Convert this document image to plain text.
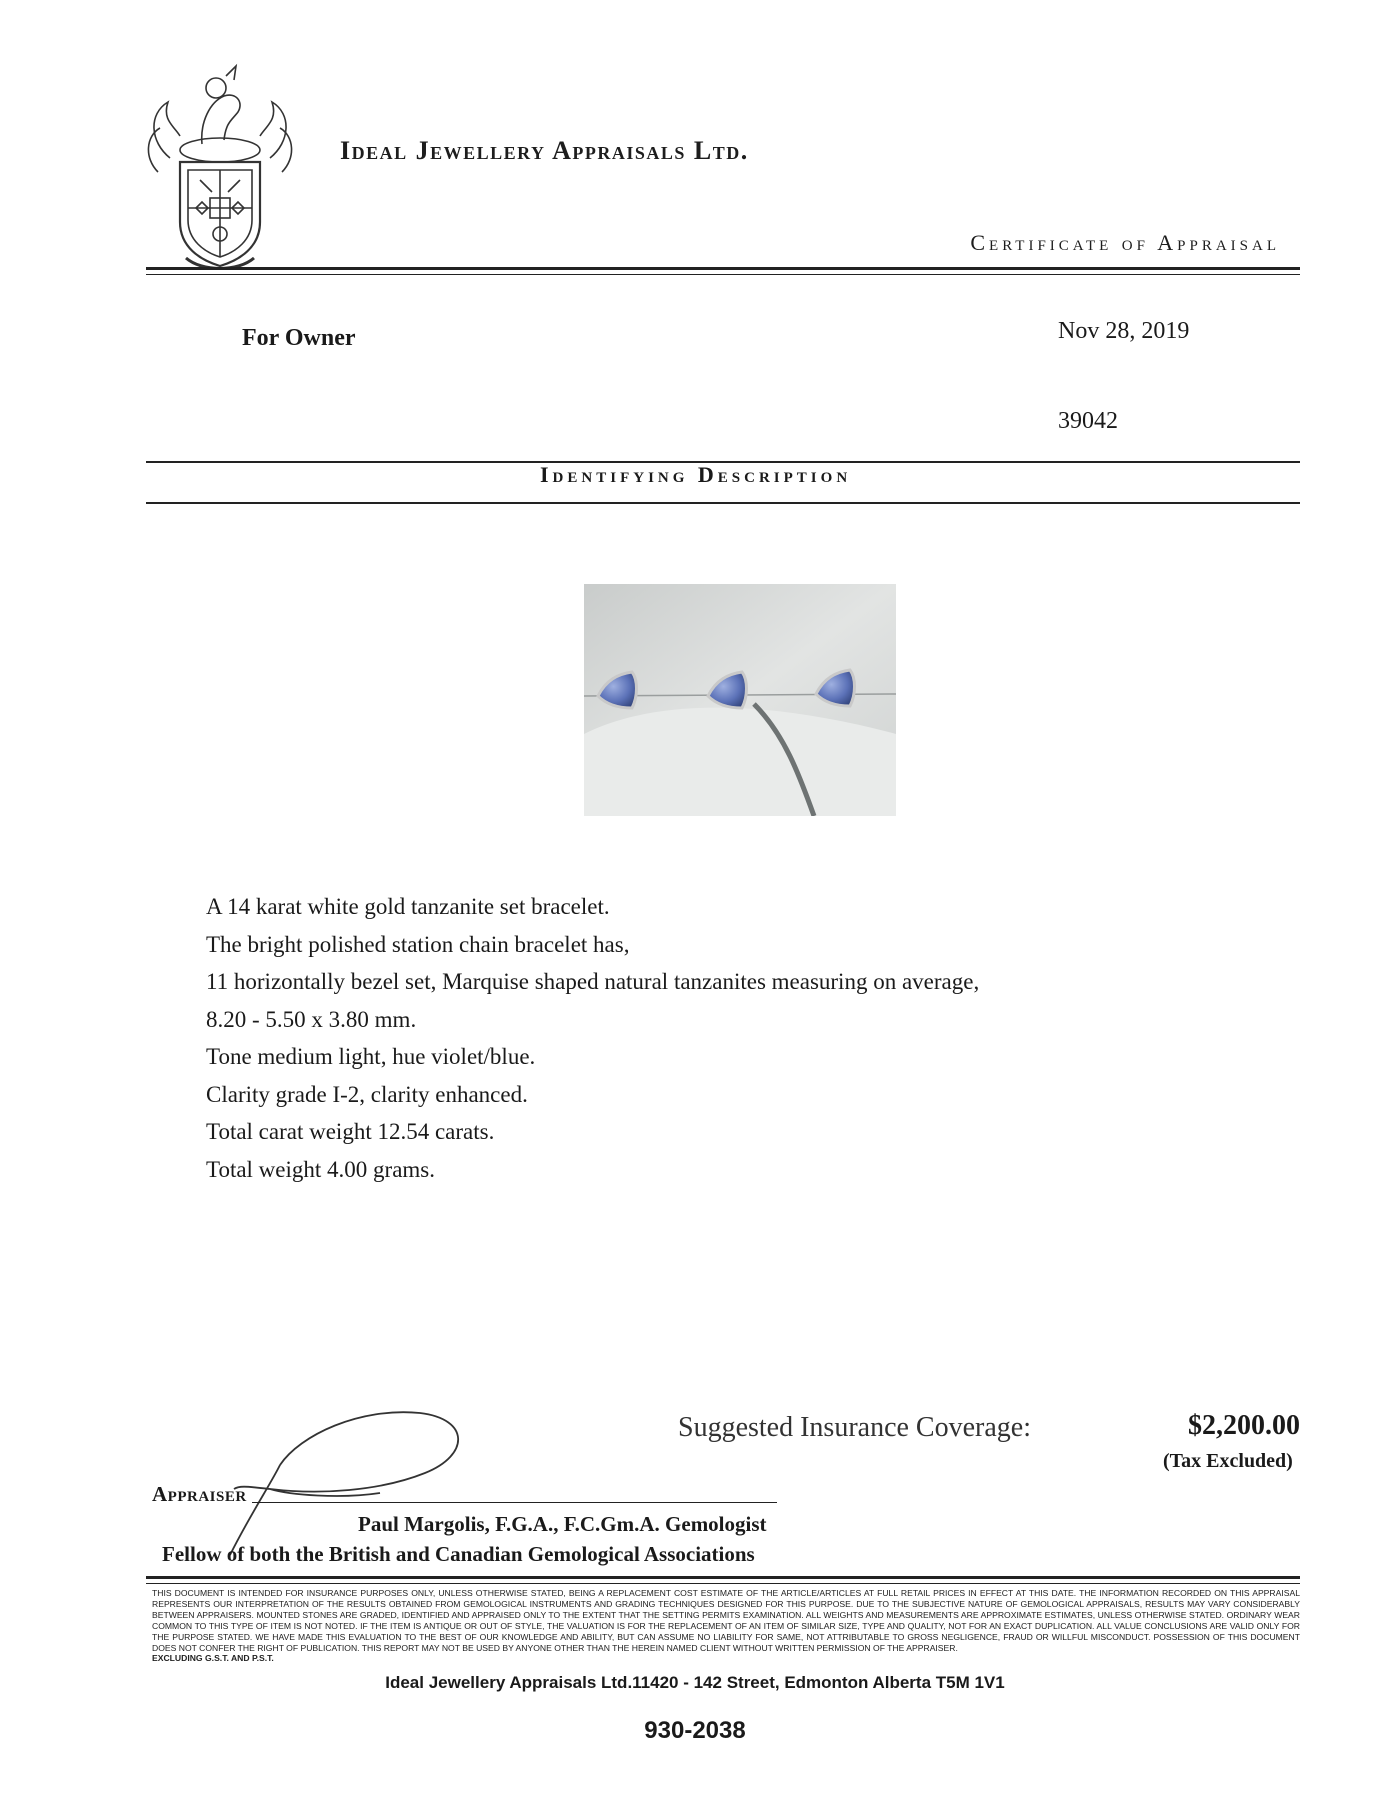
Ideal Jewellery Appraisals Ltd.
Certificate of Appraisal
For Owner	Nov 28, 2019
39042
Identifying Description
A 14 karat white gold tanzanite set bracelet.
The bright polished station chain bracelet has,
11 horizontally bezel set, Marquise shaped natural tanzanites measuring on average,
8.20 - 5.50 x 3.80 mm.
Tone medium light, hue violet/blue.
Clarity grade I-2, clarity enhanced.
Total carat weight 12.54 carats.
Total weight 4.00 grams.
Suggested Insurance Coverage:	$2,200.00
(Tax Excluded)
Appraiser
Paul Margolis, F.G.A., F.C.Gm.A. Gemologist
Fellow of both the British and Canadian Gemological Associations
THIS DOCUMENT IS INTENDED FOR INSURANCE PURPOSES ONLY, UNLESS OTHERWISE STATED, BEING A REPLACEMENT COST ESTIMATE OF THE ARTICLE/ARTICLES AT FULL RETAIL PRICES IN EFFECT AT THIS DATE. THE INFORMATION RECORDED ON THIS APPRAISAL REPRESENTS OUR INTERPRETATION OF THE RESULTS OBTAINED FROM GEMOLOGICAL INSTRUMENTS AND GRADING TECHNIQUES DESIGNED FOR THIS PURPOSE. DUE TO THE SUBJECTIVE NATURE OF GEMOLOGICAL APPRAISALS, RESULTS MAY VARY CONSIDERABLY BETWEEN APPRAISERS. MOUNTED STONES ARE GRADED, IDENTIFIED AND APPRAISED ONLY TO THE EXTENT THAT THE SETTING PERMITS EXAMINATION. ALL WEIGHTS AND MEASUREMENTS ARE APPROXIMATE ESTIMATES, UNLESS OTHERWISE STATED. ORDINARY WEAR COMMON TO THIS TYPE OF ITEM IS NOT NOTED. IF THE ITEM IS ANTIQUE OR OUT OF STYLE, THE VALUATION IS FOR THE REPLACEMENT OF AN ITEM OF SIMILAR SIZE, TYPE AND QUALITY, NOT FOR AN EXACT DUPLICATION. ALL VALUE CONCLUSIONS ARE VALID ONLY FOR THE PURPOSE STATED. WE HAVE MADE THIS EVALUATION TO THE BEST OF OUR KNOWLEDGE AND ABILITY, BUT CAN ASSUME NO LIABILITY FOR SAME, NOT ATTRIBUTABLE TO GROSS NEGLIGENCE, FRAUD OR WILLFUL MISCONDUCT. POSSESSION OF THIS DOCUMENT DOES NOT CONFER THE RIGHT OF PUBLICATION. THIS REPORT MAY NOT BE USED BY ANYONE OTHER THAN THE HEREIN NAMED CLIENT WITHOUT WRITTEN PERMISSION OF THE APPRAISER.
EXCLUDING G.S.T. AND P.S.T.
Ideal Jewellery Appraisals Ltd.11420 - 142 Street, Edmonton Alberta T5M 1V1
930-2038
